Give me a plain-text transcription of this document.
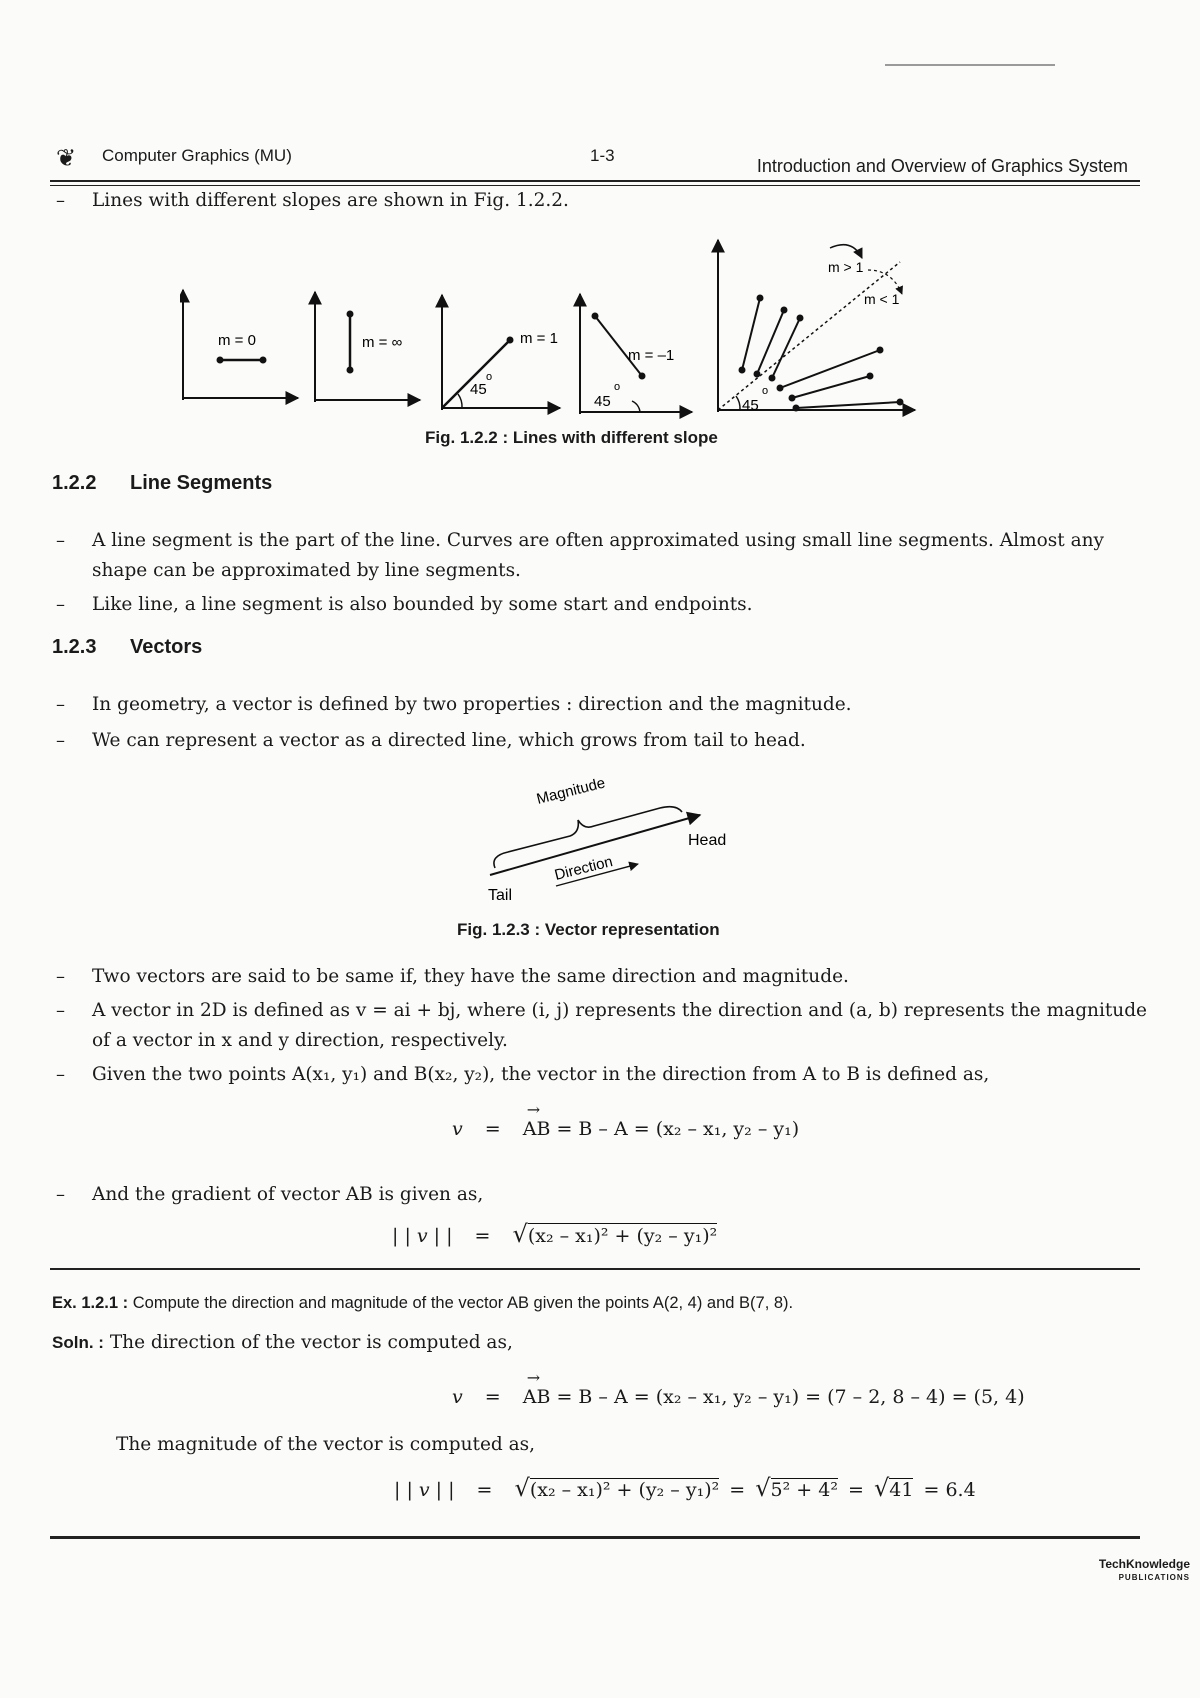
❦ Computer Graphics (MU)	1-3
Introduction and Overview of Graphics System
– Lines with different slopes are shown in Fig. 1.2.2.
m = 0	m = ∞
45
o
m = 1
45
o
m = –1
45
o
m > 1
m < 1
Fig. 1.2.2 : Lines with different slope
1.2.2 Line Segments
– A line segment is the part of the line. Curves are often approximated using small line segments. Almost any shape can be approximated by line segments.
– Like line, a line segment is also bounded by some start and endpoints.
1.2.3 Vectors
– In geometry, a vector is defined by two properties : direction and the magnitude.
– We can represent a vector as a directed line, which grows from tail to head.
Magnitude
Head
Tail
Direction
Fig. 1.2.3 : Vector representation
– Two vectors are said to be same if, they have the same direction and magnitude.
– A vector in 2D is defined as v = ai + bj, where (i, j) represents the direction and (a, b) represents the magnitude of a vector in x and y direction, respectively.
– Given the two points A(x₁, y₁) and B(x₂, y₂), the vector in the direction from A to B is defined as,
v =
→
AB = B – A = (x₂ – x₁, y₂ – y₁)
– And the gradient of vector AB is given as,
| | v | | = √(x₂ – x₁)² + (y₂ – y₁)²
Ex. 1.2.1 : Compute the direction and magnitude of the vector AB given the points A(2, 4) and B(7, 8).
Soln. : The direction of the vector is computed as,
v =
→
AB = B – A = (x₂ – x₁, y₂ – y₁) = (7 – 2, 8 – 4) = (5, 4)
The magnitude of the vector is computed as,
| | v | | = √(x₂ – x₁)² + (y₂ – y₁)² = √5² + 4² = √41 = 6.4
TechKnowledge
PUBLICATIONS
